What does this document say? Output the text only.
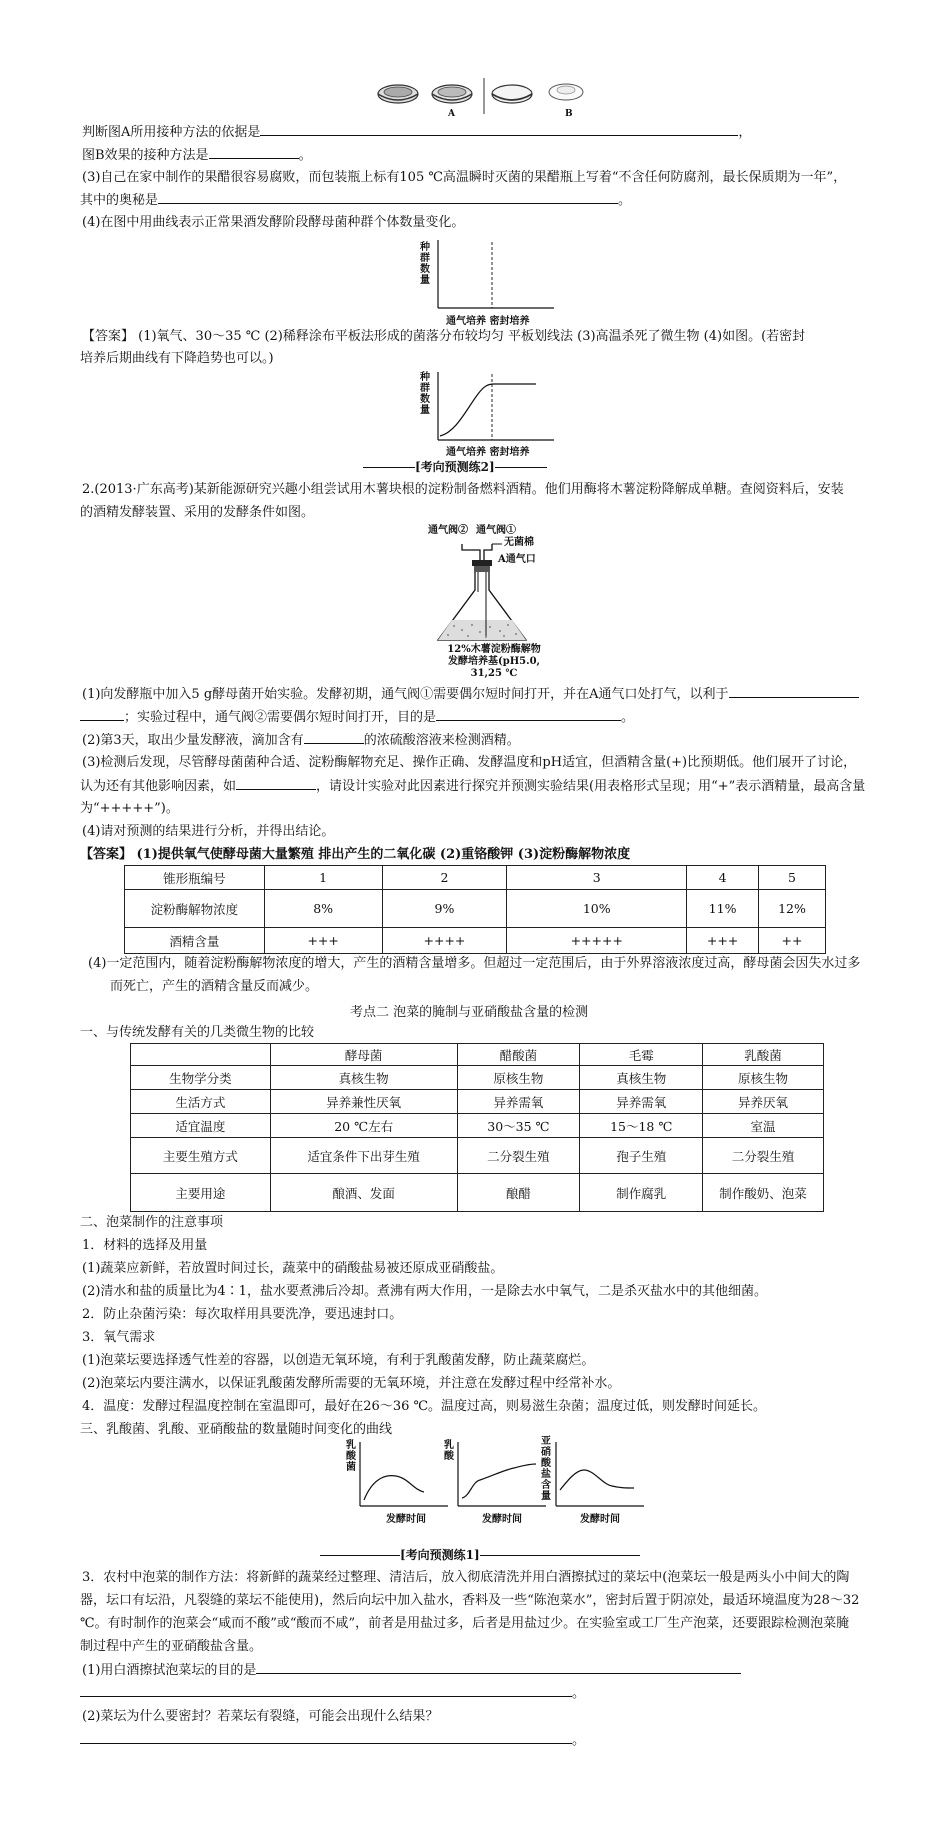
A	B
判断图A所用接种方法的依据是	，
图B效果的接种方法是	。
(3)自己在家中制作的果醋很容易腐败，而包装瓶上标有105 ℃高温瞬时灭菌的果醋瓶上写着“不含任何防腐剂，最长保质期为一年”，
其中的奥秘是	。
(4)在图中用曲线表示正常果酒发酵阶段酵母菌种群个体数量变化。
种
群
数
量
通气培养 密封培养
【答案】 (1)氧气、30～35 ℃ (2)稀释涂布平板法形成的菌落分布较均匀 平板划线法 (3)高温杀死了微生物 (4)如图。(若密封
培养后期曲线有下降趋势也可以。)
种
群
数
量
通气培养 密封培养
[考向预测练2]
2.(2013·广东高考)某新能源研究兴趣小组尝试用木薯块根的淀粉制备燃料酒精。他们用酶将木薯淀粉降解成单糖。查阅资料后，安装
的酒精发酵装置、采用的发酵条件如图。
通气阀② 通气阀①
无菌棉
A通气口
12%木薯淀粉酶解物
发酵培养基(pH5.0,
31,25 ℃
(1)向发酵瓶中加入5 g酵母菌开始实验。发酵初期，通气阀①需要偶尔短时间打开，并在A通气口处打气，以利于
；实验过程中，通气阀②需要偶尔短时间打开，目的是	。
(2)第3天，取出少量发酵液，滴加含有	的浓硫酸溶液来检测酒精。
(3)检测后发现，尽管酵母菌菌种合适、淀粉酶解物充足、操作正确、发酵温度和pH适宜，但酒精含量(+)比预期低。他们展开了讨论，
认为还有其他影响因素，如	，请设计实验对此因素进行探究并预测实验结果(用表格形式呈现；用“+”表示酒精量，最高含量
为“+++++”)。
(4)请对预测的结果进行分析，并得出结论。
【答案】 (1)提供氧气使酵母菌大量繁殖 排出产生的二氧化碳 (2)重铬酸钾 (3)淀粉酶解物浓度
锥形瓶编号	1	2	3	4	5
淀粉酶解物浓度	8%	9%	10%	11%	12%
酒精含量	+++	++++	+++++	+++	++
(4)一定范围内，随着淀粉酶解物浓度的增大，产生的酒精含量增多。但超过一定范围后，由于外界溶液浓度过高，酵母菌会因失水过多
而死亡，产生的酒精含量反而减少。
考点二 泡菜的腌制与亚硝酸盐含量的检测
一、与传统发酵有关的几类微生物的比较
	酵母菌	醋酸菌	毛霉	乳酸菌
生物学分类	真核生物	原核生物	真核生物	原核生物
生活方式	异养兼性厌氧	异养需氧	异养需氧	异养厌氧
适宜温度	20 ℃左右	30～35 ℃	15～18 ℃	室温
主要生殖方式	适宜条件下出芽生殖	二分裂生殖	孢子生殖	二分裂生殖
主要用途	酿酒、发面	酿醋	制作腐乳	制作酸奶、泡菜
二、泡菜制作的注意事项
1．材料的选择及用量
(1)蔬菜应新鲜，若放置时间过长，蔬菜中的硝酸盐易被还原成亚硝酸盐。
(2)清水和盐的质量比为4∶1，盐水要煮沸后冷却。煮沸有两大作用，一是除去水中氧气，二是杀灭盐水中的其他细菌。
2．防止杂菌污染：每次取样用具要洗净，要迅速封口。
3．氧气需求
(1)泡菜坛要选择透气性差的容器，以创造无氧环境，有利于乳酸菌发酵，防止蔬菜腐烂。
(2)泡菜坛内要注满水，以保证乳酸菌发酵所需要的无氧环境，并注意在发酵过程中经常补水。
4．温度：发酵过程温度控制在室温即可，最好在26～36 ℃。温度过高，则易滋生杂菌；温度过低，则发酵时间延长。
三、乳酸菌、乳酸、亚硝酸盐的数量随时间变化的曲线
乳
酸
菌
发酵时间
乳
酸
发酵时间
亚
硝
酸
盐
含
量
发酵时间
[考向预测练1]
3．农村中泡菜的制作方法：将新鲜的蔬菜经过整理、清洁后，放入彻底清洗并用白酒擦拭过的菜坛中(泡菜坛一般是两头小中间大的陶
器，坛口有坛沿，凡裂缝的菜坛不能使用)，然后向坛中加入盐水，香料及一些“陈泡菜水”，密封后置于阴凉处，最适环境温度为28～32
℃。有时制作的泡菜会“咸而不酸”或“酸而不咸”，前者是用盐过多，后者是用盐过少。在实验室或工厂生产泡菜，还要跟踪检测泡菜腌
制过程中产生的亚硝酸盐含量。
(1)用白酒擦拭泡菜坛的目的是
。
(2)菜坛为什么要密封？若菜坛有裂缝，可能会出现什么结果？
。
